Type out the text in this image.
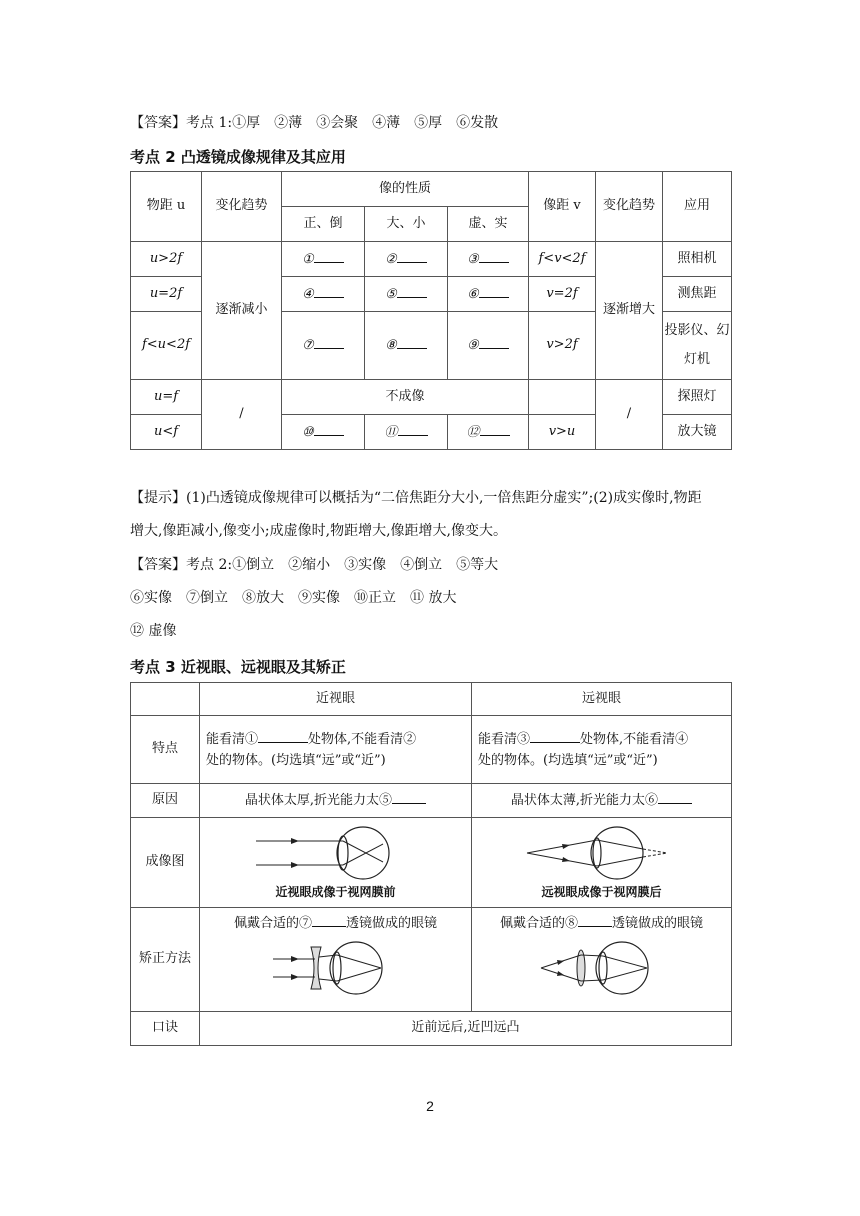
【答案】考点 1:①厚　②薄　③会聚　④薄　⑤厚　⑥发散
考点 2 凸透镜成像规律及其应用
物距 u	变化趋势	像的性质			像距 v	变化趋势	应用
		正、倒	大、小	虚、实			
u>2f	逐渐减小	①	②	③	f<v<2f	逐渐增大	照相机
u=2f		④	⑤	⑥	v=2f		测焦距
f<u<2f		⑦	⑧	⑨	v>2f		投影仪、幻灯机
u=f	/	不成像				/	探照灯
u<f		⑩	⑪	⑫	v>u		放大镜
【提示】(1)凸透镜成像规律可以概括为“二倍焦距分大小,一倍焦距分虚实”;(2)成实像时,物距
增大,像距减小,像变小;成虚像时,物距增大,像距增大,像变大。
【答案】考点 2:①倒立　②缩小　③实像　④倒立　⑤等大
⑥实像　⑦倒立　⑧放大　⑨实像　⑩正立　⑪ 放大
⑫ 虚像
考点 3 近视眼、远视眼及其矫正
	近视眼	远视眼
特点	能看清① 处物体,不能看清②
处的物体。(均选填“远”或“近”)	能看清③ 处物体,不能看清④
处的物体。(均选填“远”或“近”)
原因	晶状体太厚,折光能力太⑤	晶状体太薄,折光能力太⑥
成像图	近视眼成像于视网膜前	远视眼成像于视网膜后

矫正方法	佩戴合适的⑦ 透镜做成的眼镜	佩戴合适的⑧ 透镜做成的眼镜

口诀	近前远后,近凹远凸	
2
